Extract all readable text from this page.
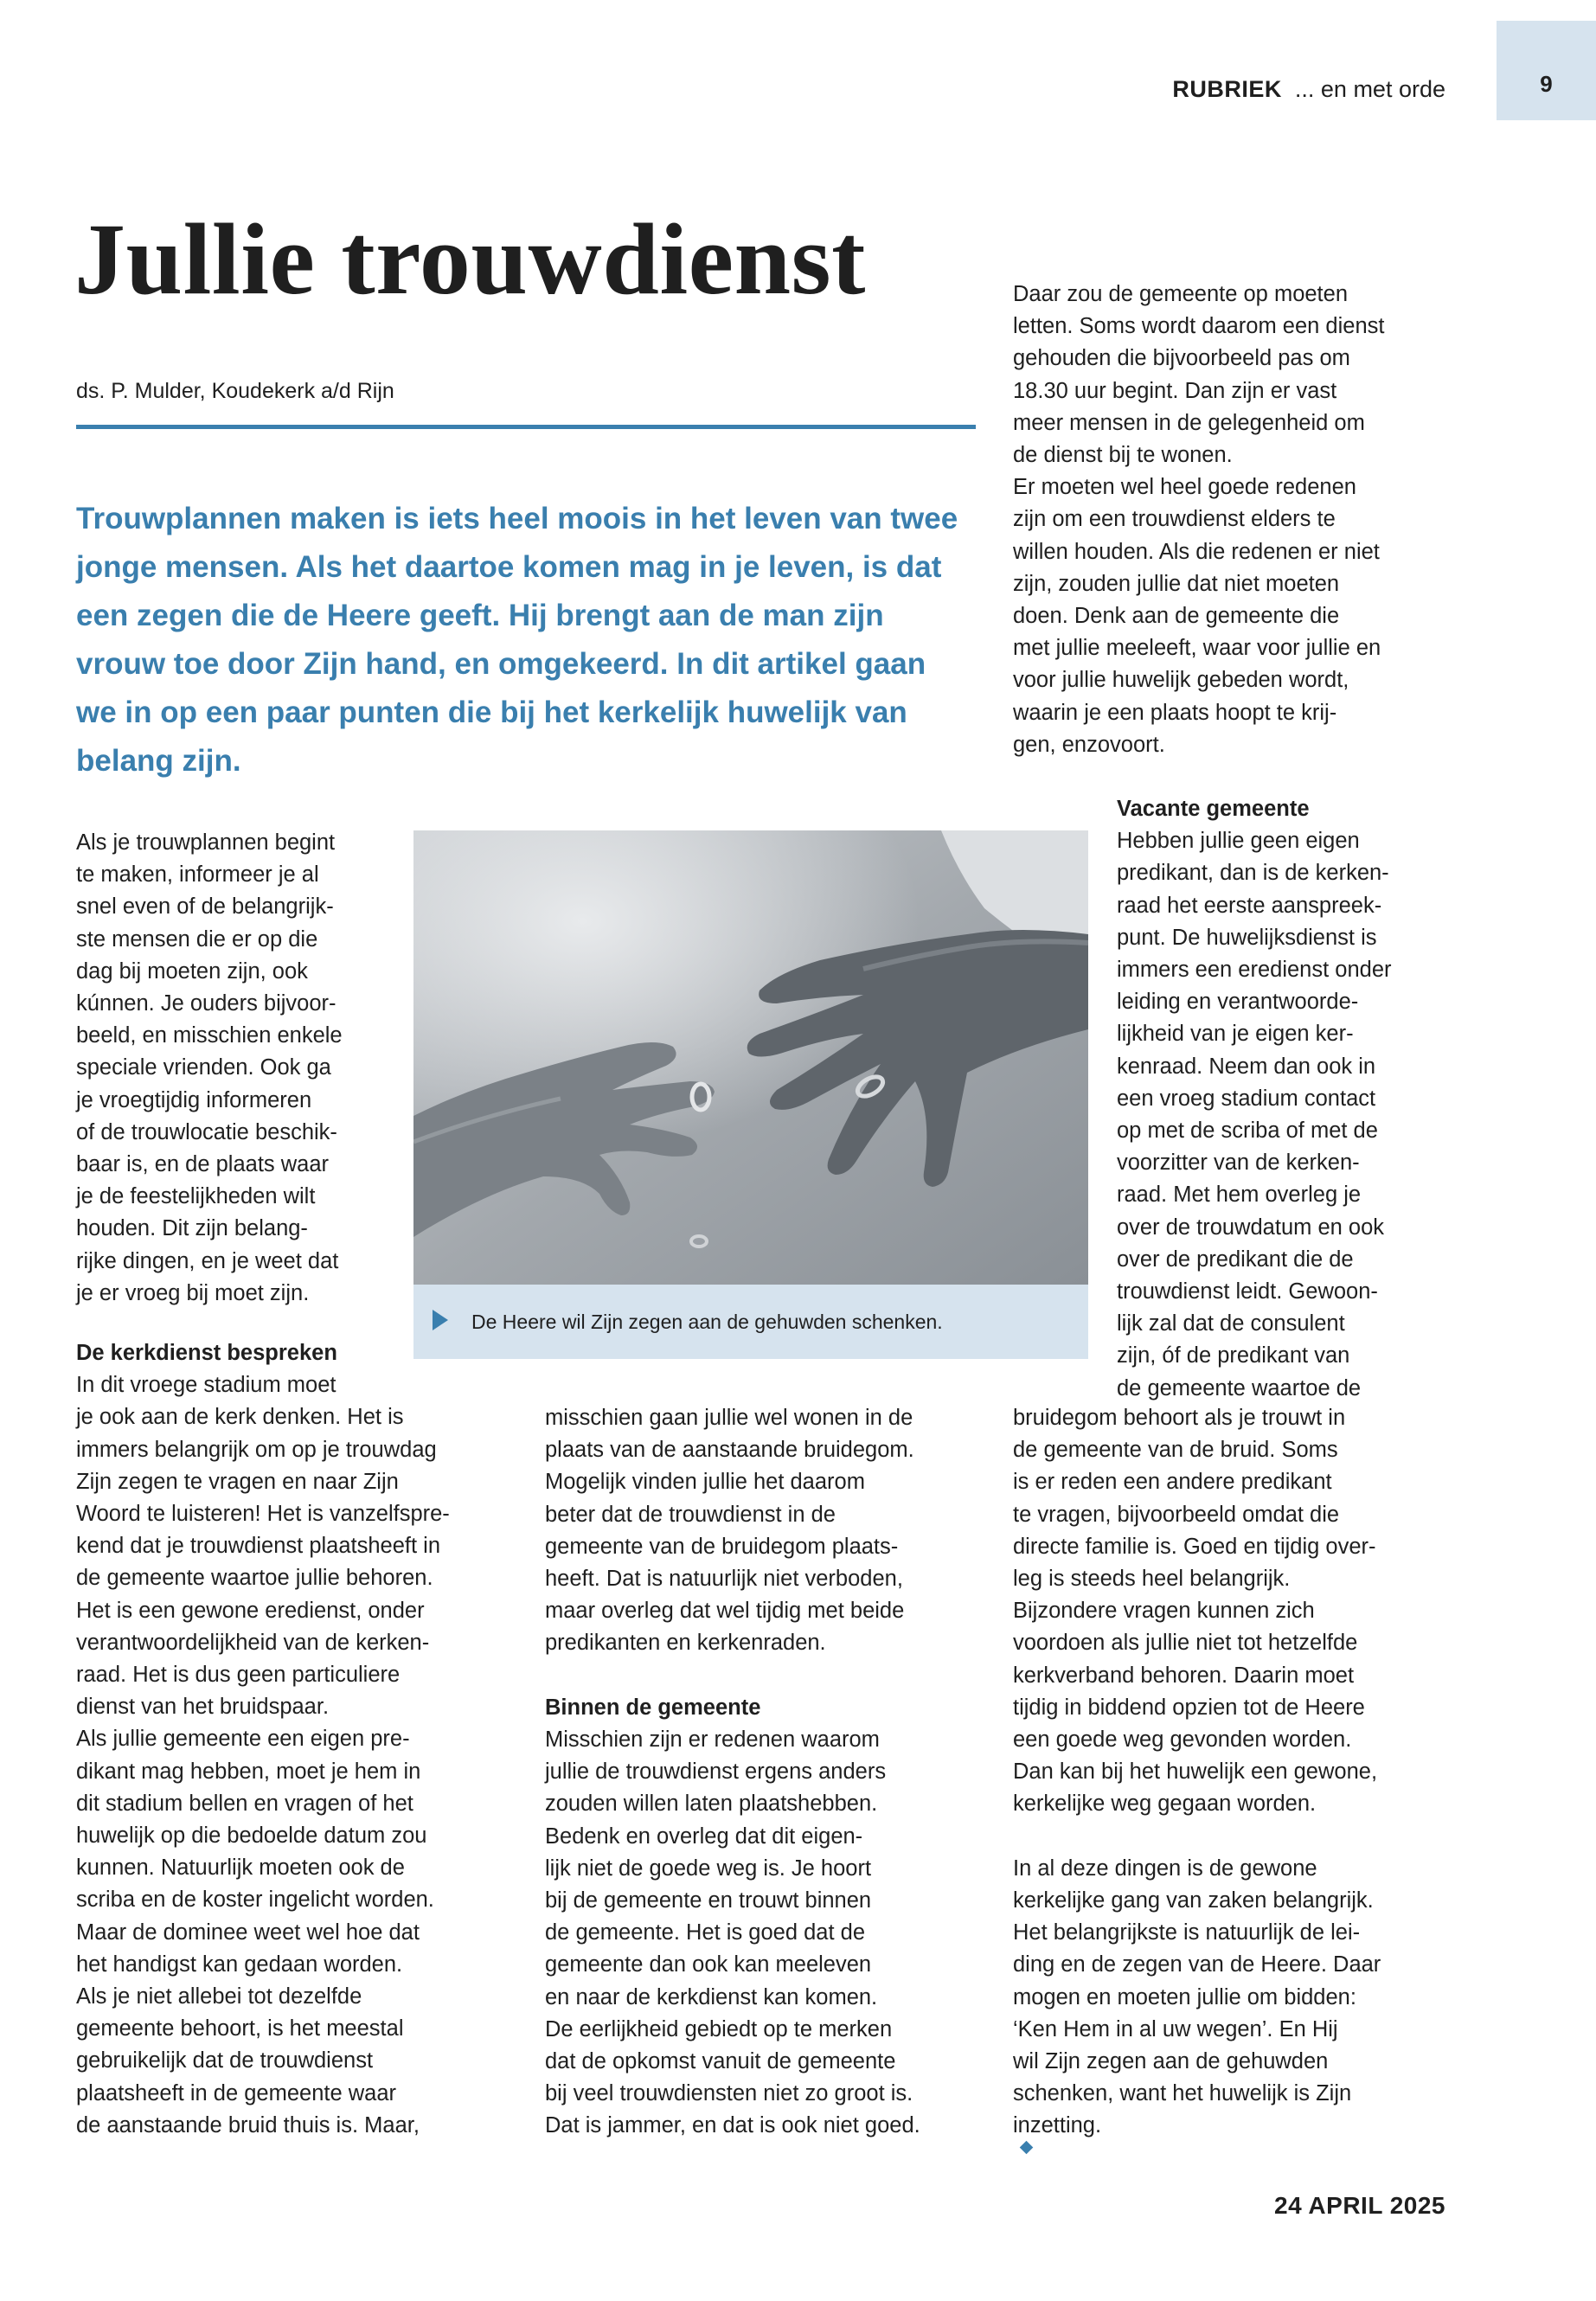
9
RUBRIEK ... en met orde
Jullie trouwdienst
ds. P. Mulder, Koudekerk a/d Rijn
Trouwplannen maken is iets heel moois in het leven van twee
jonge mensen. Als het daartoe komen mag in je leven, is dat
een zegen die de Heere geeft. Hij brengt aan de man zijn
vrouw toe door Zijn hand, en omgekeerd. In dit artikel gaan
we in op een paar punten die bij het kerkelijk huwelijk van
belang zijn.
De Heere wil Zijn zegen aan de gehuwden schenken.
Als je trouwplannen begint
te maken, informeer je al
snel even of de belangrijk-
ste mensen die er op die
dag bij moeten zijn, ook
kúnnen. Je ouders bijvoor-
beeld, en misschien enkele
speciale vrienden. Ook ga
je vroegtijdig informeren
of de trouwlocatie beschik-
baar is, en de plaats waar
je de feestelijkheden wilt
houden. Dit zijn belang-
rijke dingen, en je weet dat
je er vroeg bij moet zijn.
De kerkdienst bespreken
In dit vroege stadium moet
je ook aan de kerk denken. Het is
immers belangrijk om op je trouwdag
Zijn zegen te vragen en naar Zijn
Woord te luisteren! Het is vanzelfspre-
kend dat je trouwdienst plaatsheeft in
de gemeente waartoe jullie behoren.
Het is een gewone eredienst, onder
verantwoordelijkheid van de kerken-
raad. Het is dus geen particuliere
dienst van het bruidspaar.
Als jullie gemeente een eigen pre-
dikant mag hebben, moet je hem in
dit stadium bellen en vragen of het
huwelijk op die bedoelde datum zou
kunnen. Natuurlijk moeten ook de
scriba en de koster ingelicht worden.
Maar de dominee weet wel hoe dat
het handigst kan gedaan worden.
Als je niet allebei tot dezelfde
gemeente behoort, is het meestal
gebruikelijk dat de trouwdienst
plaatsheeft in de gemeente waar
de aanstaande bruid thuis is. Maar,
misschien gaan jullie wel wonen in de
plaats van de aanstaande bruidegom.
Mogelijk vinden jullie het daarom
beter dat de trouwdienst in de
gemeente van de bruidegom plaats-
heeft. Dat is natuurlijk niet verboden,
maar overleg dat wel tijdig met beide
predikanten en kerkenraden.
Binnen de gemeente
Misschien zijn er redenen waarom
jullie de trouwdienst ergens anders
zouden willen laten plaatshebben.
Bedenk en overleg dat dit eigen-
lijk niet de goede weg is. Je hoort
bij de gemeente en trouwt binnen
de gemeente. Het is goed dat de
gemeente dan ook kan meeleven
en naar de kerkdienst kan komen.
De eerlijkheid gebiedt op te merken
dat de opkomst vanuit de gemeente
bij veel trouwdiensten niet zo groot is.
Dat is jammer, en dat is ook niet goed.
Daar zou de gemeente op moeten
letten. Soms wordt daarom een dienst
gehouden die bijvoorbeeld pas om
18.30 uur begint. Dan zijn er vast
meer mensen in de gelegenheid om
de dienst bij te wonen.
Er moeten wel heel goede redenen
zijn om een trouwdienst elders te
willen houden. Als die redenen er niet
zijn, zouden jullie dat niet moeten
doen. Denk aan de gemeente die
met jullie meeleeft, waar voor jullie en
voor jullie huwelijk gebeden wordt,
waarin je een plaats hoopt te krij-
gen, enzovoort.
Vacante gemeente
Hebben jullie geen eigen
predikant, dan is de kerken-
raad het eerste aanspreek-
punt. De huwelijksdienst is
immers een eredienst onder
leiding en verantwoorde-
lijkheid van je eigen ker-
kenraad. Neem dan ook in
een vroeg stadium contact
op met de scriba of met de
voorzitter van de kerken-
raad. Met hem overleg je
over de trouwdatum en ook
over de predikant die de
trouwdienst leidt. Gewoon-
lijk zal dat de consulent
zijn, óf de predikant van
de gemeente waartoe de
bruidegom behoort als je trouwt in
de gemeente van de bruid. Soms
is er reden een andere predikant
te vragen, bijvoorbeeld omdat die
directe familie is. Goed en tijdig over-
leg is steeds heel belangrijk.
Bijzondere vragen kunnen zich
voordoen als jullie niet tot hetzelfde
kerkverband behoren. Daarin moet
tijdig in biddend opzien tot de Heere
een goede weg gevonden worden.
Dan kan bij het huwelijk een gewone,
kerkelijke weg gegaan worden.
In al deze dingen is de gewone
kerkelijke gang van zaken belangrijk.
Het belangrijkste is natuurlijk de lei-
ding en de zegen van de Heere. Daar
mogen en moeten jullie om bidden:
‘Ken Hem in al uw wegen’. En Hij
wil Zijn zegen aan de gehuwden
schenken, want het huwelijk is Zijn
inzetting.
24 APRIL 2025
